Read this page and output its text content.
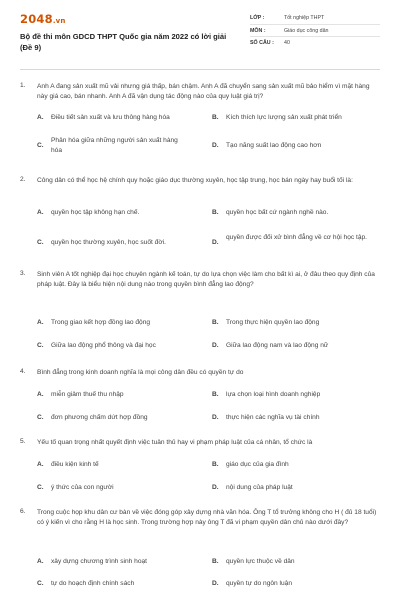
2048.vn
Bộ đề thi môn GDCD THPT Quốc gia năm 2022 có lời giải (Đề 9)
LỚP :	Tốt nghiệp THPT
MÔN :	Giáo dục công dân
SỐ CÂU : 40
1. Anh A đang sản xuất mũ vải nhưng giá thấp, bán chậm. Anh A đã chuyển sang sản xuất mũ bảo hiểm vì mặt hàng này giá cao, bán nhanh. Anh A đã vận dụng tác động nào của quy luật giá trị?
A. Điều tiết sản xuất và lưu thông hàng hóa	B. Kích thích lực lượng sản xuất phát triển
C.
Phân hóa giữa những người sản xuất hàng hóa
D. Tạo năng suất lao động cao hơn
2. Công dân có thể học hệ chính quy hoặc giáo dục thường xuyên, học tập trung, học bán ngày hay buổi tối là:
A. quyền học tập không hạn chế.	B. quyền học bất cứ ngành nghề nào.
C. quyền học thường xuyên, học suốt đời.	D.
quyền được đối xử bình đẳng về cơ hội học tập.
3. Sinh viên A tốt nghiệp đại học chuyên ngành kế toán, tự do lựa chọn việc làm cho bất kì ai, ở đâu theo quy định của pháp luật. Đây là biểu hiện nội dung nào trong quyền bình đẳng lao động?
A. Trong giao kết hợp đồng lao động	B. Trong thực hiện quyền lao động
C. Giữa lao động phổ thông và đại học	D. Giữa lao động nam và lao động nữ
4. Bình đẳng trong kinh doanh nghĩa là mọi công dân đều có quyền tự do
A. miễn giảm thuế thu nhập	B. lựa chọn loại hình doanh nghiệp
C. đơn phương chấm dứt hợp đồng	D. thực hiện các nghĩa vụ tài chính
5. Yếu tố quan trọng nhất quyết định việc tuân thủ hay vi phạm pháp luật của cá nhân, tổ chức là
A. điều kiện kinh tế	B. giáo dục của gia đình
C. ý thức của con người	D. nội dung của pháp luật
6. Trong cuộc họp khu dân cư bàn về việc đóng góp xây dựng nhà văn hóa. Ông T tổ trưởng không cho H ( đủ 18 tuổi) có ý kiến vì cho rằng H là học sinh. Trong trường hợp này ông T đã vi phạm quyền dân chủ nào dưới đây?
A. xây dựng chương trình sinh hoạt	B. quyền lực thuộc về dân
C. tự do hoạch định chính sách	D. quyền tự do ngôn luận
